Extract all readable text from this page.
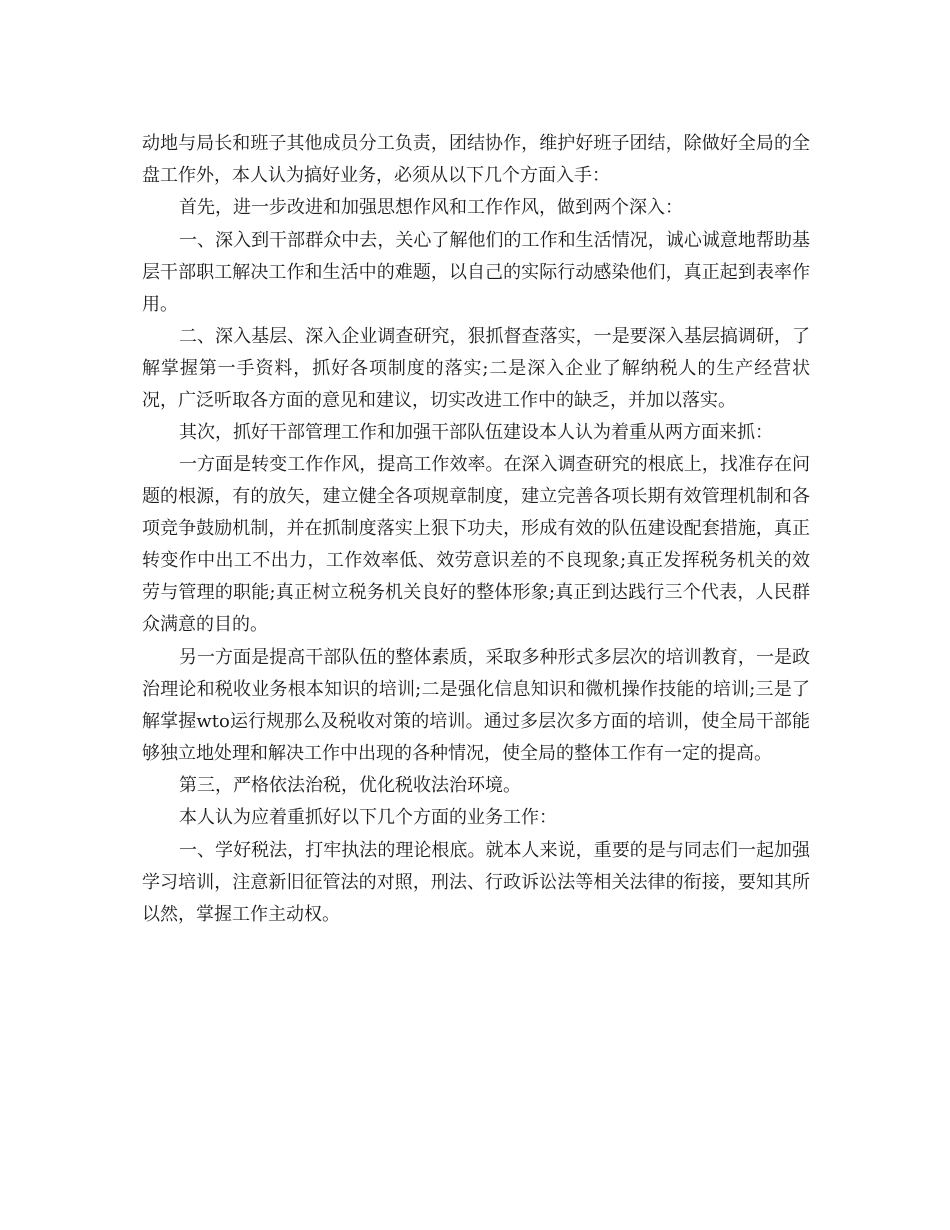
动地与局长和班子其他成员分工负责，团结协作，维护好班子团结，除做好全局的全盘工作外，本人认为搞好业务，必须从以下几个方面入手：

首先，进一步改进和加强思想作风和工作作风，做到两个深入：

一、深入到干部群众中去，关心了解他们的工作和生活情况，诚心诚意地帮助基层干部职工解决工作和生活中的难题，以自己的实际行动感染他们，真正起到表率作用。

二、深入基层、深入企业调查研究，狠抓督查落实，一是要深入基层搞调研，了解掌握第一手资料，抓好各项制度的落实;二是深入企业了解纳税人的生产经营状况，广泛听取各方面的意见和建议，切实改进工作中的缺乏，并加以落实。

其次，抓好干部管理工作和加强干部队伍建设本人认为着重从两方面来抓：

一方面是转变工作作风，提高工作效率。在深入调查研究的根底上，找准存在问题的根源，有的放矢，建立健全各项规章制度，建立完善各项长期有效管理机制和各项竞争鼓励机制，并在抓制度落实上狠下功夫，形成有效的队伍建设配套措施，真正转变作中出工不出力，工作效率低、效劳意识差的不良现象;真正发挥税务机关的效劳与管理的职能;真正树立税务机关良好的整体形象;真正到达践行三个代表，人民群众满意的目的。

另一方面是提高干部队伍的整体素质，采取多种形式多层次的培训教育，一是政治理论和税收业务根本知识的培训;二是强化信息知识和微机操作技能的培训;三是了解掌握wto运行规那么及税收对策的培训。通过多层次多方面的培训，使全局干部能够独立地处理和解决工作中出现的各种情况，使全局的整体工作有一定的提高。

第三，严格依法治税，优化税收法治环境。

本人认为应着重抓好以下几个方面的业务工作：

一、学好税法，打牢执法的理论根底。就本人来说，重要的是与同志们一起加强学习培训，注意新旧征管法的对照，刑法、行政诉讼法等相关法律的衔接，要知其所以然，掌握工作主动权。
